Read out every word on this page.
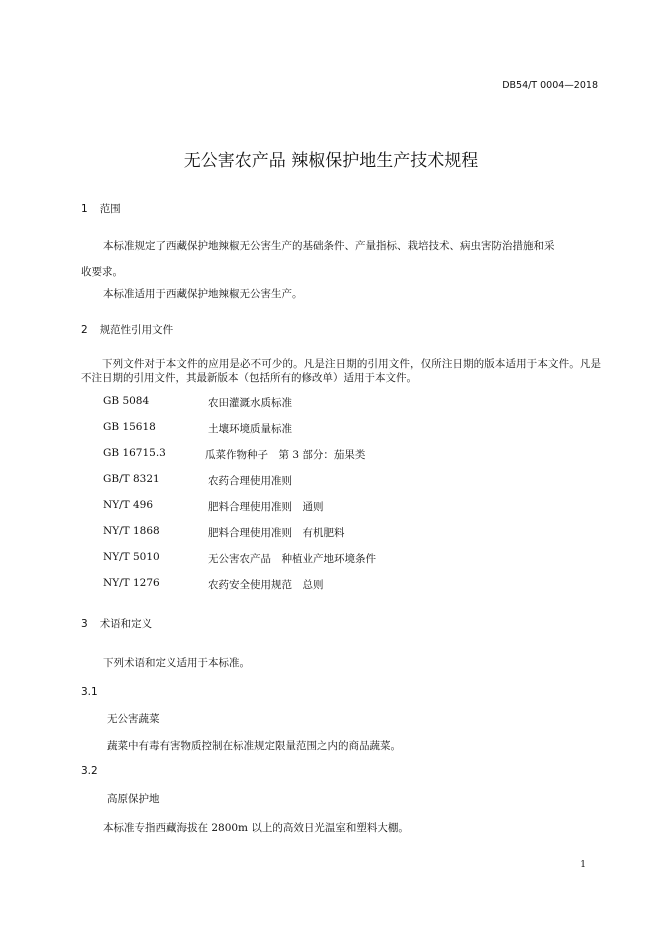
DB54/T 0004—2018
无公害农产品 辣椒保护地生产技术规程
1 范围
本标准规定了西藏保护地辣椒无公害生产的基础条件、产量指标、栽培技术、病虫害防治措施和采
收要求。
本标准适用于西藏保护地辣椒无公害生产。
2 规范性引用文件
下列文件对于本文件的应用是必不可少的。凡是注日期的引用文件，仅所注日期的版本适用于本文件。凡是不注日期的引用文件，其最新版本（包括所有的修改单）适用于本文件。
GB 5084	农田灌溉水质标准
GB 15618	土壤环境质量标准
GB 16715.3	瓜菜作物种子　第 3 部分：茄果类
GB/T 8321	农药合理使用准则
NY/T 496	肥料合理使用准则　通则
NY/T 1868	肥料合理使用准则　有机肥料
NY/T 5010	无公害农产品　种植业产地环境条件
NY/T 1276	农药安全使用规范　总则
3 术语和定义
下列术语和定义适用于本标准。
3.1
无公害蔬菜
蔬菜中有毒有害物质控制在标准规定限量范围之内的商品蔬菜。
3.2
高原保护地
本标准专指西藏海拔在 2800m 以上的高效日光温室和塑料大棚。
1
